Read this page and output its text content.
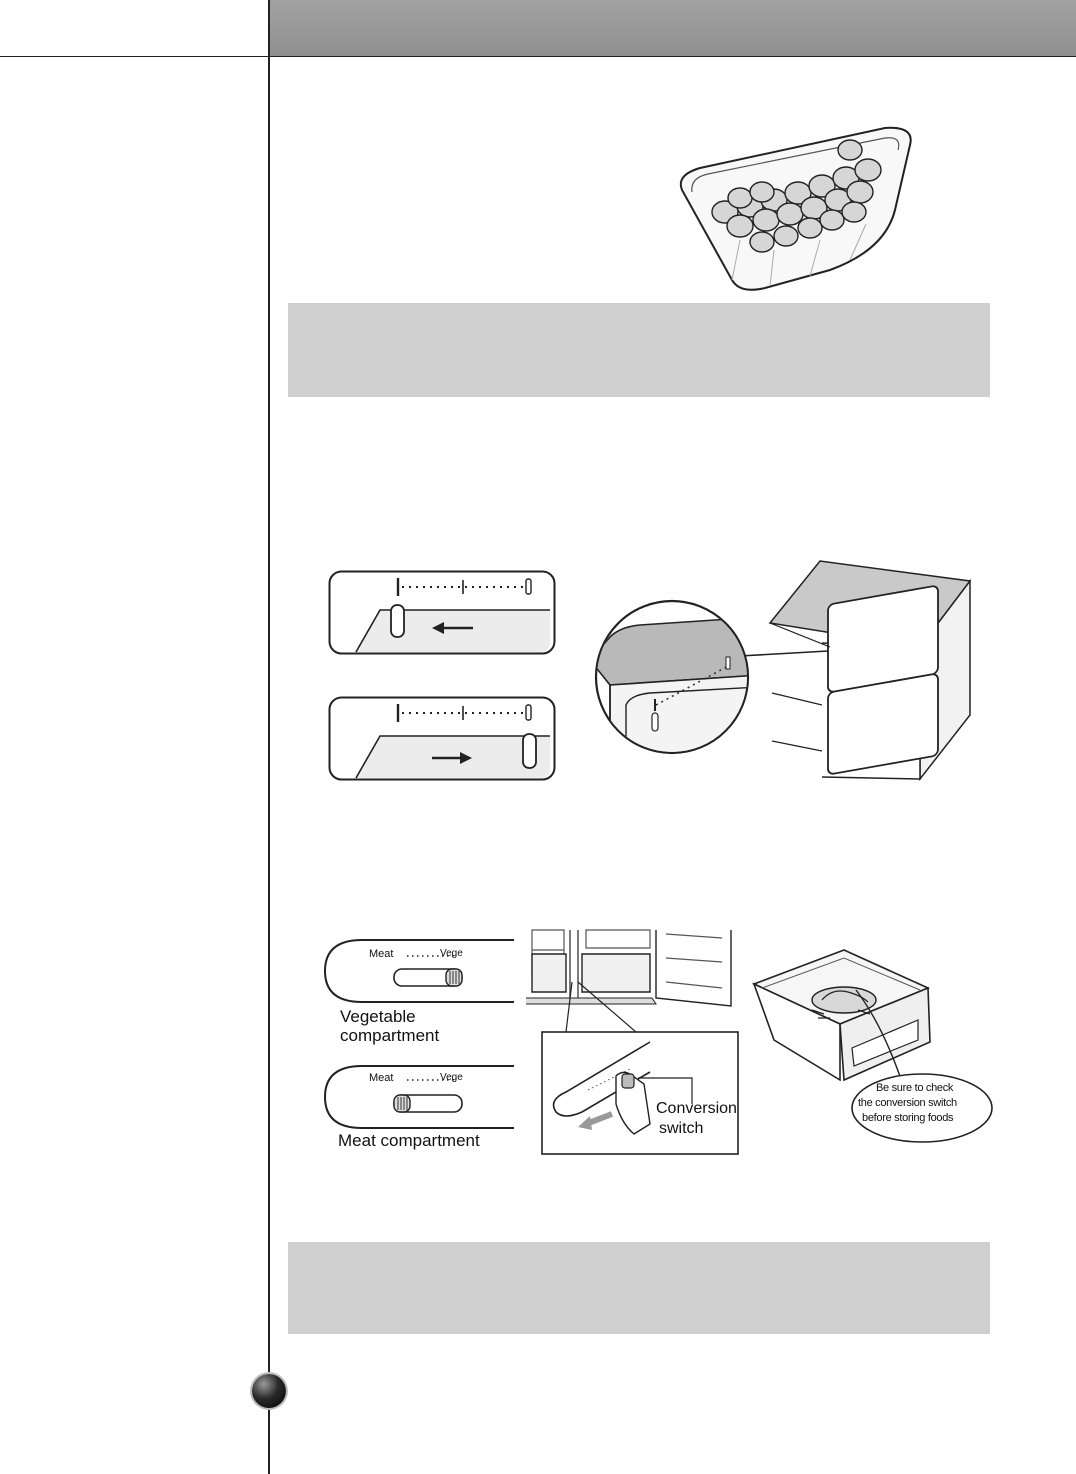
Meat	Vege
Vegetable
compartment
Meat	Vege
Meat compartment
Conversion
switch
Be sure to check
the conversion switch
before storing foods
